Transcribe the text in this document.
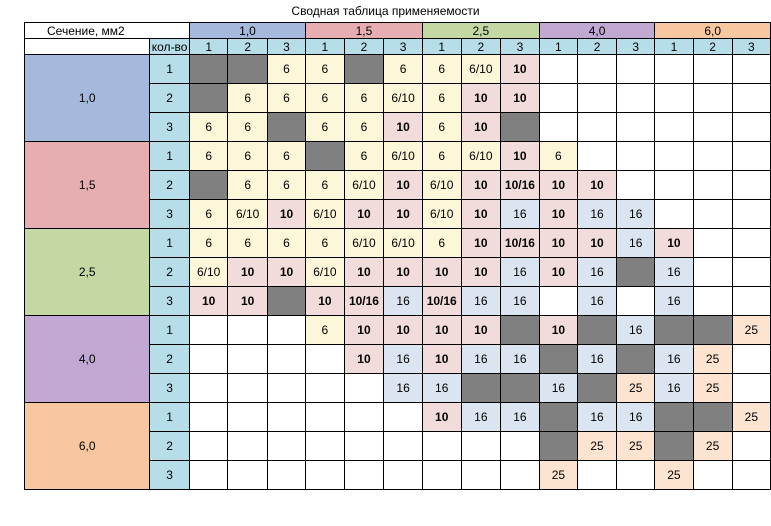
Сводная таблица применяемости
Сечение, мм2		1,0			1,5			2,5			4,0			6,0		
	кол-во	1	2	3	1	2	3	1	2	3	1	2	3	1	2	3
1,0	1			6	6		6	6	6/10	10						
	2		6	6	6	6	6/10	6	10	10						
	3	6	6		6	6	10	6	10							
1,5	1	6	6	6		6	6/10	6	6/10	10	6					
	2		6	6	6	6/10	10	6/10	10	10/16	10	10				
	3	6	6/10	10	6/10	10	10	6/10	10	16	10	16	16			
2,5	1	6	6	6	6	6/10	6/10	6	10	10/16	10	10	16	10		
	2	6/10	10	10	6/10	10	10	10	10	16	10	16		16		
	3	10	10		10	10/16	16	10/16	16	16		16		16		
4,0	1				6	10	10	10	10		10		16			25
	2					10	16	10	16	16		16		16	25	
	3						16	16			16		25	16	25	
6,0	1							10	16	16		16	16			25
	2											25	25		25	
	3										25			25		
